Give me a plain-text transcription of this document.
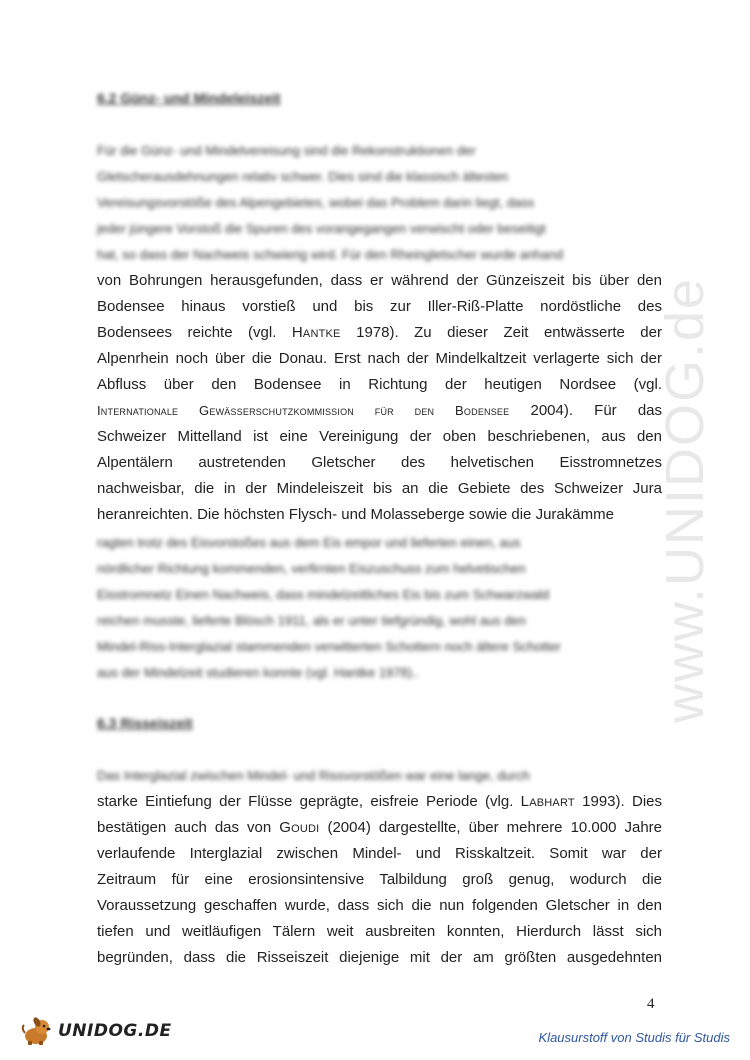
www.UNIDOG.de
6.2 Günz- und Mindeleiszeit
Für die Günz- und Mindelvereisung sind die Rekonstruktionen der
Gletscherausdehnungen relativ schwer. Dies sind die klassisch ältesten
Vereisungsvorstöße des Alpengebietes, wobei das Problem darin liegt, dass
jeder jüngere Vorstoß die Spuren des vorangegangen verwischt oder beseitigt
hat, so dass der Nachweis schwierig wird. Für den Rheingletscher wurde anhand
von Bohrungen herausgefunden, dass er während der Günzeiszeit bis über den
Bodensee hinaus vorstieß und bis zur Iller-Riß-Platte nordöstliche des
Bodensees reichte (vgl. Hantke 1978). Zu dieser Zeit entwässerte der
Alpenrhein noch über die Donau. Erst nach der Mindelkaltzeit verlagerte sich der
Abfluss über den Bodensee in Richtung der heutigen Nordsee (vgl.
Internationale Gewässerschutzkommission für den Bodensee 2004). Für das
Schweizer Mittelland ist eine Vereinigung der oben beschriebenen, aus den
Alpentälern austretenden Gletscher des helvetischen Eisstromnetzes
nachweisbar, die in der Mindeleiszeit bis an die Gebiete des Schweizer Jura
heranreichten. Die höchsten Flysch- und Molasseberge sowie die Jurakämme
ragten trotz des Eisvorstoßes aus dem Eis empor und lieferten einen, aus
nördlicher Richtung kommenden, verfirnten Eiszuschuss zum helvetischen
Eisstromnetz Einen Nachweis, dass mindelzeitliches Eis bis zum Schwarzwald
reichen musste, lieferte Blösch 1911, als er unter tiefgründig, wohl aus den
Mindel-Riss-Interglazial stammenden verwitterten Schottern noch ältere Schotter
aus der Mindelzeit studieren konnte (vgl. Hantke 1978)..
6.3 Risseiszeit
Das Interglazial zwischen Mindel- und Rissvorstößen war eine lange, durch
starke Eintiefung der Flüsse geprägte, eisfreie Periode (vlg. Labhart 1993). Dies
bestätigen auch das von Goudi (2004) dargestellte, über mehrere 10.000 Jahre
verlaufende Interglazial zwischen Mindel- und Risskaltzeit. Somit war der
Zeitraum für eine erosionsintensive Talbildung groß genug, wodurch die
Voraussetzung geschaffen wurde, dass sich die nun folgenden Gletscher in den
tiefen und weitläufigen Tälern weit ausbreiten konnten, Hierdurch lässt sich
begründen, dass die Risseiszeit diejenige mit der am größten ausgedehnten
4
UNIDOG.DE	Klausurstoff von Studis für Studis
